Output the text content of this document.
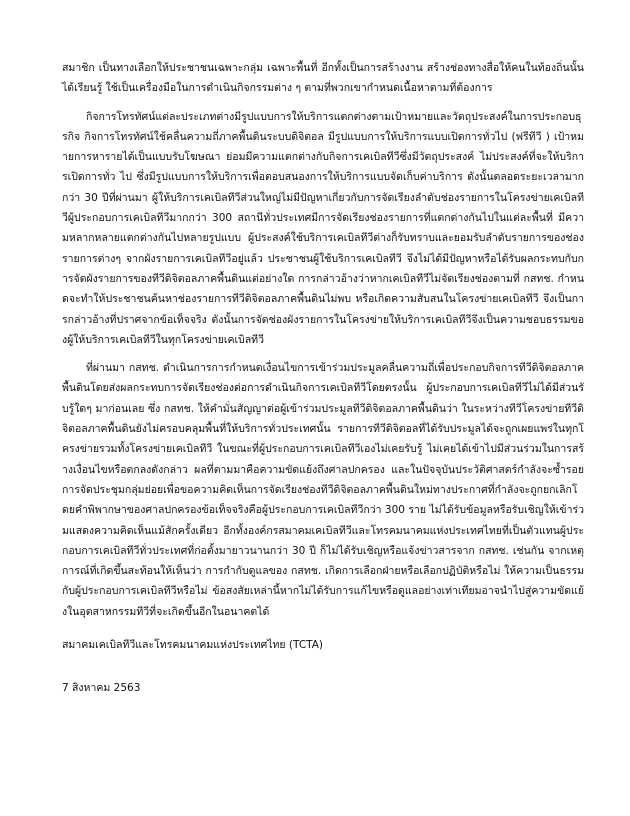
สมาชิก เป็นทางเลือกให้ประชาชนเฉพาะกลุ่ม เฉพาะพื้นที่ อีกทั้งเป็นการสร้างงาน สร้างช่องทางสื่อให้คนในท้องถิ่นนั้นได้เรียนรู้ ใช้เป็นเครื่องมือในการดำเนินกิจกรรมต่าง ๆ ตามที่พวกเขากำหนดเนื้อหาตามที่ต้องการ

กิจการโทรทัศน์แต่ละประเภทต่างมีรูปแบบการให้บริการแตกต่างตามเป้าหมายและวัตถุประสงค์ในการประกอบธุรกิจ กิจการโทรทัศน์ใช้คลื่นความถี่ภาคพื้นดินระบบดิจิตอล มีรูปแบบการให้บริการแบบเปิดการทั่วไป (ฟรีทีวี ) เป้าหมายการหารายได้เป็นแบบรับโฆษณา ย่อมมีความแตกต่างกับกิจการเคเบิลทีวีซึ่งมีวัตถุประสงค์ ไม่ประสงค์ที่จะให้บริการเปิดการทั่ว ไป ซึ่งมีรูปแบบการให้บริการเพื่อตอบสนองการให้บริการแบบจัดเก็บค่าบริการ ดังนั้นตลอดระยะเวลามากกว่า 30 ปีที่ผ่านมา ผู้ให้บริการเคเบิลทีวีส่วนใหญ่ไม่มีปัญหาเกี่ยวกับการจัดเรียงลำดับช่องรายการในโครงข่ายเคเบิลทีวีผู้ประกอบการเคเบิลทีวีมากกว่า 300 สถานีทั่วประเทศมีการจัดเรียงช่องรายการที่แตกต่างกันไปในแต่ละพื้นที่ มีความหลากหลายแตกต่างกันไปหลายรูปแบบ ผู้ประสงค์ใช้บริการเคเบิลทีวีต่างก็รับทราบและยอมรับลำดับรายการของช่องรายการต่างๆ จากผังรายการเคเบิลทีวีอยู่แล้ว ประชาชนผู้ใช้บริการเคเบิลทีวี จึงไม่ได้มีปัญหาหรือได้รับผลกระทบกับการจัดผังรายการของทีวีดิจิตอลภาคพื้นดินแต่อย่างใด การกล่าวอ้างว่าหากเคเบิลทีวีไม่จัดเรียงช่องตามที่ กสทช. กำหนดจะทำให้ประชาชนค้นหาช่องรายการทีวีดิจิตอลภาคพื้นดินไม่พบ หรือเกิดความสับสนในโครงข่ายเคเบิลทีวี จึงเป็นการกล่าวอ้างที่ปราศจากข้อเท็จจริง ดังนั้นการจัดช่องผังรายการในโครงข่ายให้บริการเคเบิลทีวีจึงเป็นความชอบธรรมของผู้ให้บริการเคเบิลทีวีในทุกโครงข่ายเคเบิลทีวี

ที่ผ่านมา กสทช. ดำเนินการการกำหนดเงื่อนไขการเข้าร่วมประมูลคลื่นความถี่เพื่อประกอบกิจการทีวีดิจิตอลภาคพื้นดินโดยส่งผลกระทบการจัดเรียงช่องต่อการดำเนินกิจการเคเบิลทีวีโดยตรงนั้น ผู้ประกอบการเคเบิลทีวีไม่ได้มีส่วนรับรู้ใดๆ มาก่อนเลย ซึ่ง กสทช. ให้คำมั่นสัญญาต่อผู้เข้าร่วมประมูลทีวีดิจิตอลภาคพื้นดินว่า ในระหว่างทีวีโครงข่ายทีวีดิจิตอลภาคพื้นดินยังไม่ครอบคลุมพื้นที่ให้บริการทั่วประเทศนั้น รายการทีวีดิจิตอลที่ได้รับประมูลได้จะถูกเผยแพร่ในทุกโครงข่ายรวมทั้งโครงข่ายเคเบิลทีวี ในขณะที่ผู้ประกอบการเคเบิลทีวีเองไม่เคยรับรู้ ไม่เคยได้เข้าไปมีส่วนร่วมในการสร้างเงื่อนไขหรือตกลงดังกล่าว ผลที่ตามมาคือความขัดแย้งถึงศาลปกครอง และในปัจจุบันประวัติศาสตร์กำลังจะซ้ำรอย การจัดประชุมกลุ่มย่อยเพื่อขอความคิดเห็นการจัดเรียงช่องทีวีดิจิตอลภาคพื้นดินใหม่ทางประกาศที่กำลังจะถูกยกเลิกโดยคำพิพากษาของศาลปกครองข้อเท็จจริงคือผู้ประกอบการเคเบิลทีวีกว่า 300 ราย ไม่ได้รับข้อมูลหรือรับเชิญให้เข้าร่วมแสดงความคิดเห็นแม้สักครั้งเดียว อีกทั้งองค์กรสมาคมเคเบิลทีวีและโทรคมนาคมแห่งประเทศไทยที่เป็นตัวแทนผู้ประกอบการเคเบิลทีวีทั่วประเทศที่ก่อตั้งมายาวนานกว่า 30 ปี ก็ไม่ได้รับเชิญหรือแจ้งข่าวสารจาก กสทช. เช่นกัน จากเหตุการณ์ที่เกิดขึ้นสะท้อนให้เห็นว่า การกำกับดูแลของ กสทช. เกิดการเลือกฝ่ายหรือเลือกปฏิบัติหรือไม่ ให้ความเป็นธรรมกับผู้ประกอบการเคเบิลทีวีหรือไม่ ข้อสงสัยเหล่านี้หากไม่ได้รับการแก้ไขหรือดูแลอย่างเท่าเทียมอาจนำไปสู่ความขัดแย้งในอุตสาหกรรมทีวีที่จะเกิดขึ้นอีกในอนาคตได้

สมาคมเคเบิลทีวีและโทรคมนาคมแห่งประเทศไทย (TCTA)

7 สิงหาคม 2563
